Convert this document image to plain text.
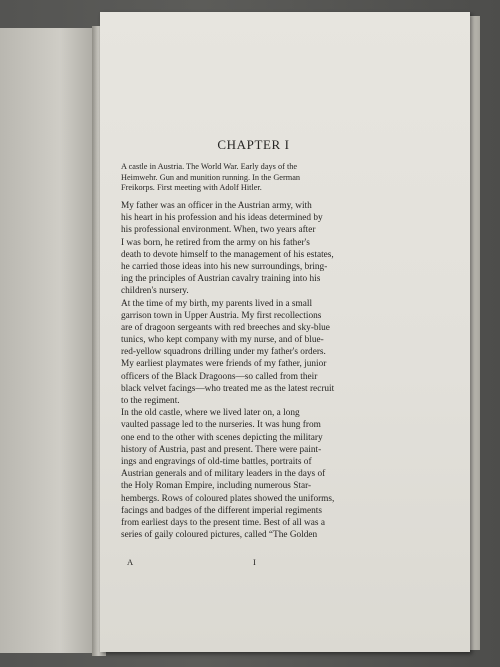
CHAPTER I
A castle in Austria. The World War. Early days of the
Heimwehr. Gun and munition running. In the German
Freikorps. First meeting with Adolf Hitler.
My father was an officer in the Austrian army, with
his heart in his profession and his ideas determined by
his professional environment. When, two years after
I was born, he retired from the army on his father's
death to devote himself to the management of his estates,
he carried those ideas into his new surroundings, bring-
ing the principles of Austrian cavalry training into his
children's nursery.
At the time of my birth, my parents lived in a small
garrison town in Upper Austria. My first recollections
are of dragoon sergeants with red breeches and sky-blue
tunics, who kept company with my nurse, and of blue-
red-yellow squadrons drilling under my father's orders.
My earliest playmates were friends of my father, junior
officers of the Black Dragoons—so called from their
black velvet facings—who treated me as the latest recruit
to the regiment.
In the old castle, where we lived later on, a long
vaulted passage led to the nurseries. It was hung from
one end to the other with scenes depicting the military
history of Austria, past and present. There were paint-
ings and engravings of old-time battles, portraits of
Austrian generals and of military leaders in the days of
the Holy Roman Empire, including numerous Star-
hembergs. Rows of coloured plates showed the uniforms,
facings and badges of the different imperial regiments
from earliest days to the present time. Best of all was a
series of gaily coloured pictures, called “The Golden
A	I
